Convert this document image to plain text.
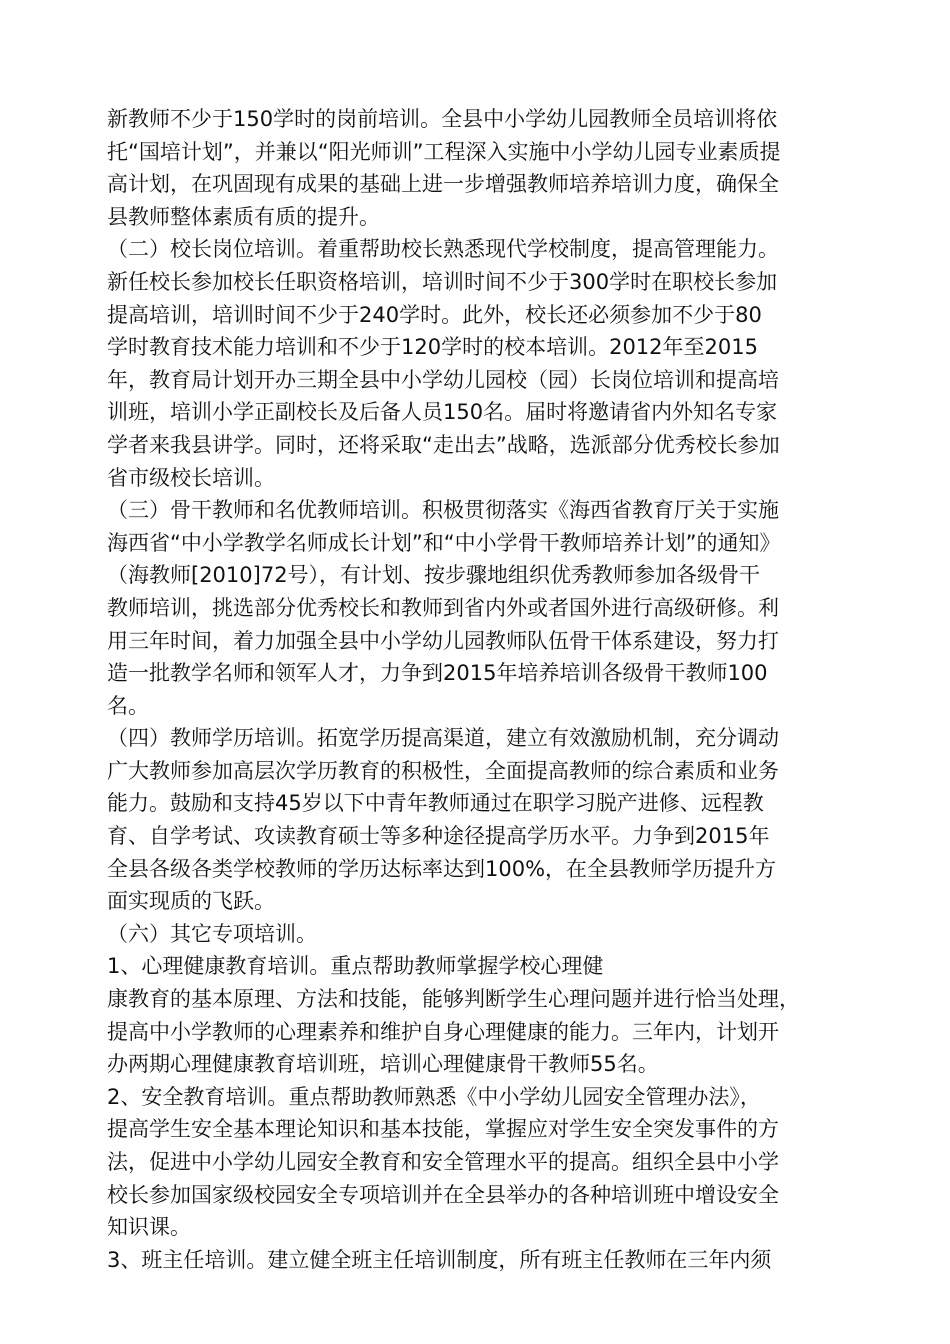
新教师不少于150学时的岗前培训。全县中小学幼儿园教师全员培训将依
托“国培计划”，并兼以“阳光师训”工程深入实施中小学幼儿园专业素质提
高计划，在巩固现有成果的基础上进一步增强教师培养培训力度，确保全
县教师整体素质有质的提升。
（二）校长岗位培训。着重帮助校长熟悉现代学校制度，提高管理能力。
新任校长参加校长任职资格培训，培训时间不少于300学时在职校长参加
提高培训，培训时间不少于240学时。此外，校长还必须参加不少于80
学时教育技术能力培训和不少于120学时的校本培训。2012年至2015
年，教育局计划开办三期全县中小学幼儿园校（园）长岗位培训和提高培
训班，培训小学正副校长及后备人员150名。届时将邀请省内外知名专家
学者来我县讲学。同时，还将采取“走出去”战略，选派部分优秀校长参加
省市级校长培训。
（三）骨干教师和名优教师培训。积极贯彻落实《海西省教育厅关于实施
海西省“中小学教学名师成长计划”和“中小学骨干教师培养计划”的通知》
（海教师[2010]72号），有计划、按步骤地组织优秀教师参加各级骨干
教师培训，挑选部分优秀校长和教师到省内外或者国外进行高级研修。利
用三年时间，着力加强全县中小学幼儿园教师队伍骨干体系建设，努力打
造一批教学名师和领军人才，力争到2015年培养培训各级骨干教师100
名。
（四）教师学历培训。拓宽学历提高渠道，建立有效激励机制，充分调动
广大教师参加高层次学历教育的积极性，全面提高教师的综合素质和业务
能力。鼓励和支持45岁以下中青年教师通过在职学习脱产进修、远程教
育、自学考试、攻读教育硕士等多种途径提高学历水平。力争到2015年
全县各级各类学校教师的学历达标率达到100%，在全县教师学历提升方
面实现质的飞跃。
（六）其它专项培训。
1、心理健康教育培训。重点帮助教师掌握学校心理健
康教育的基本原理、方法和技能，能够判断学生心理问题并进行恰当处理，
提高中小学教师的心理素养和维护自身心理健康的能力。三年内，计划开
办两期心理健康教育培训班，培训心理健康骨干教师55名。
2、安全教育培训。重点帮助教师熟悉《中小学幼儿园安全管理办法》，
提高学生安全基本理论知识和基本技能，掌握应对学生安全突发事件的方
法，促进中小学幼儿园安全教育和安全管理水平的提高。组织全县中小学
校长参加国家级校园安全专项培训并在全县举办的各种培训班中增设安全
知识课。
3、班主任培训。建立健全班主任培训制度，所有班主任教师在三年内须
